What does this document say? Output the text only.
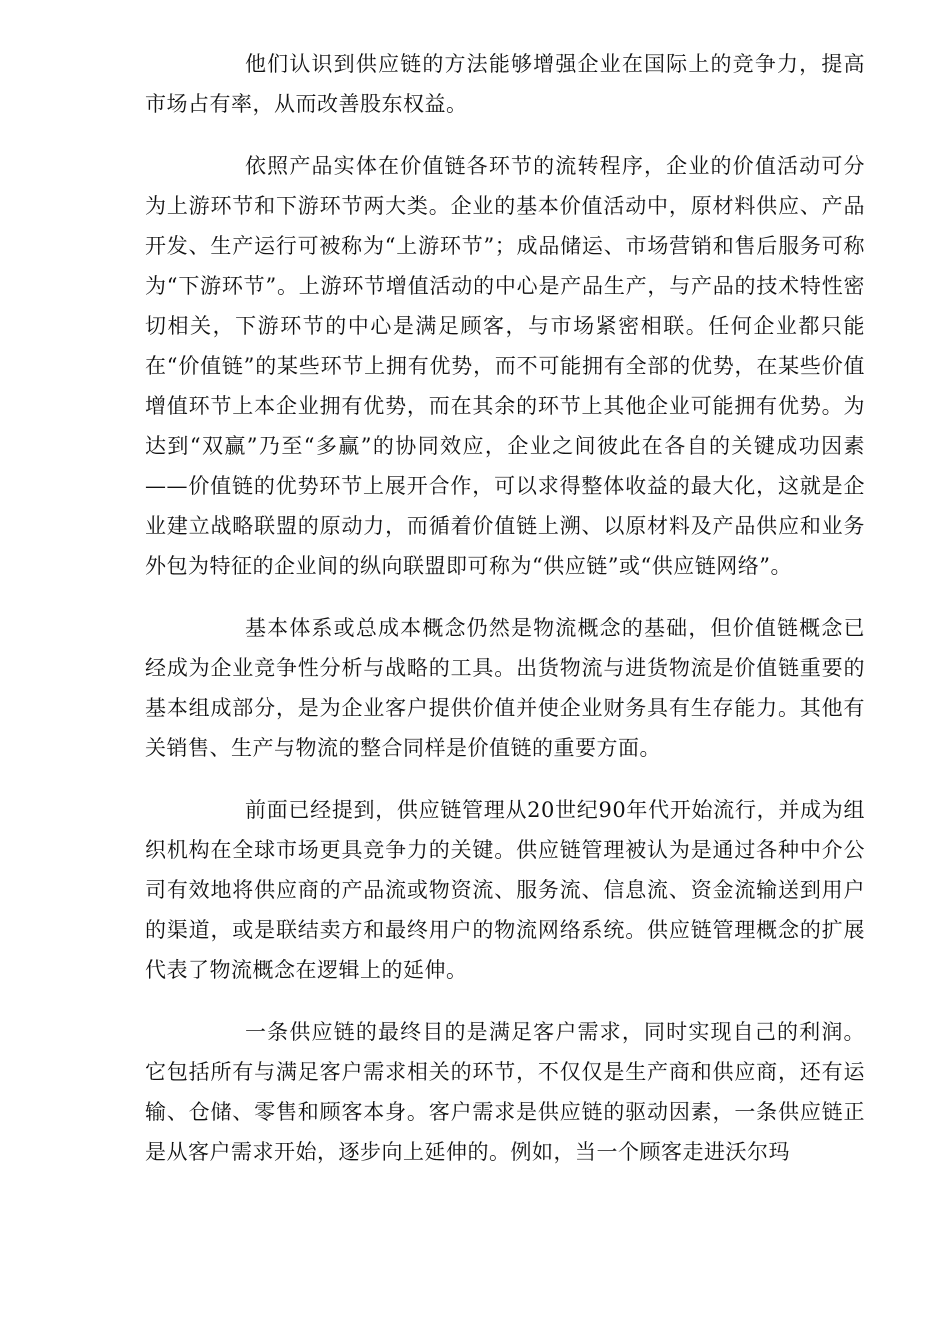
他们认识到供应链的方法能够增强企业在国际上的竞争力，提高市场占有率，从而改善股东权益。

依照产品实体在价值链各环节的流转程序，企业的价值活动可分为上游环节和下游环节两大类。企业的基本价值活动中，原材料供应、产品开发、生产运行可被称为“上游环节”；成品储运、市场营销和售后服务可称为“下游环节”。上游环节增值活动的中心是产品生产，与产品的技术特性密切相关，下游环节的中心是满足顾客，与市场紧密相联。任何企业都只能在“价值链”的某些环节上拥有优势，而不可能拥有全部的优势，在某些价值增值环节上本企业拥有优势，而在其余的环节上其他企业可能拥有优势。为达到“双赢”乃至“多赢”的协同效应，企业之间彼此在各自的关键成功因素——价值链的优势环节上展开合作，可以求得整体收益的最大化，这就是企业建立战略联盟的原动力，而循着价值链上溯、以原材料及产品供应和业务外包为特征的企业间的纵向联盟即可称为“供应链”或“供应链网络”。

基本体系或总成本概念仍然是物流概念的基础，但价值链概念已经成为企业竞争性分析与战略的工具。出货物流与进货物流是价值链重要的基本组成部分，是为企业客户提供价值并使企业财务具有生存能力。其他有关销售、生产与物流的整合同样是价值链的重要方面。

前面已经提到，供应链管理从20世纪90年代开始流行，并成为组织机构在全球市场更具竞争力的关键。供应链管理被认为是通过各种中介公司有效地将供应商的产品流或物资流、服务流、信息流、资金流输送到用户的渠道，或是联结卖方和最终用户的物流网络系统。供应链管理概念的扩展代表了物流概念在逻辑上的延伸。

一条供应链的最终目的是满足客户需求，同时实现自己的利润。它包括所有与满足客户需求相关的环节，不仅仅是生产商和供应商，还有运输、仓储、零售和顾客本身。客户需求是供应链的驱动因素，一条供应链正是从客户需求开始，逐步向上延伸的。例如，当一个顾客走进沃尔玛
